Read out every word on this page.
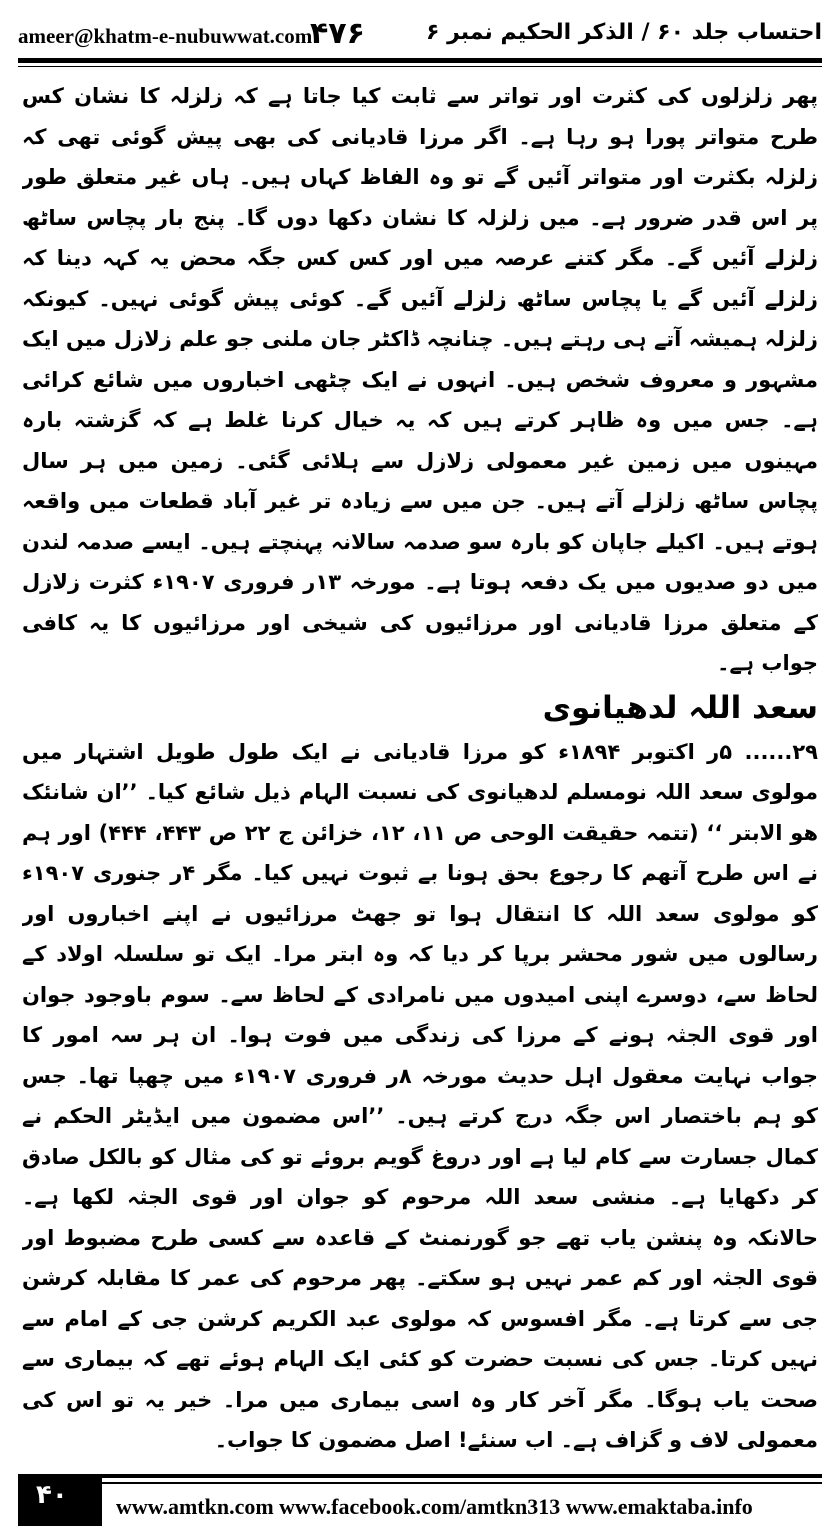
ameer@khatm-e-nubuwwat.com
۴۷۶	احتساب جلد ۶۰ / الذکر الحکیم نمبر ۶

پھر زلزلوں کی کثرت اور تواتر سے ثابت کیا جاتا ہے کہ زلزلہ کا نشان کس طرح متواتر پورا ہو رہا ہے۔ اگر مرزا قادیانی کی بھی پیش گوئی تھی کہ زلزلہ بکثرت اور متواتر آئیں گے تو وہ الفاظ کہاں ہیں۔ ہاں غیر متعلق طور پر اس قدر ضرور ہے۔ میں زلزلہ کا نشان دکھا دوں گا۔ پنج بار پچاس ساٹھ زلزلے آئیں گے۔ مگر کتنے عرصہ میں اور کس کس جگہ محض یہ کہہ دینا کہ زلزلے آئیں گے یا پچاس ساٹھ زلزلے آئیں گے۔ کوئی پیش گوئی نہیں۔ کیونکہ زلزلہ ہمیشہ آتے ہی رہتے ہیں۔ چنانچہ ڈاکٹر جان ملنی جو علم زلازل میں ایک مشہور و معروف شخص ہیں۔ انہوں نے ایک چٹھی اخباروں میں شائع کرائی ہے۔ جس میں وہ ظاہر کرتے ہیں کہ یہ خیال کرنا غلط ہے کہ گزشتہ بارہ مہینوں میں زمین غیر معمولی زلازل سے ہلائی گئی۔ زمین میں ہر سال پچاس ساٹھ زلزلے آتے ہیں۔ جن میں سے زیادہ تر غیر آباد قطعات میں واقعہ ہوتے ہیں۔ اکیلے جاپان کو بارہ سو صدمہ سالانہ پہنچتے ہیں۔ ایسے صدمہ لندن میں دو صدیوں میں یک دفعہ ہوتا ہے۔ مورخہ ۱۳ر فروری ۱۹۰۷ء کثرت زلازل کے متعلق مرزا قادیانی اور مرزائیوں کی شیخی اور مرزائیوں کا یہ کافی جواب ہے۔

سعد اللہ لدھیانوی

۲۹...... ۵ر اکتوبر ۱۸۹۴ء کو مرزا قادیانی نے ایک طول طویل اشتہار میں مولوی سعد اللہ نومسلم لدھیانوی کی نسبت الہام ذیل شائع کیا۔ ’’ان شانئک ھو الابتر ‘‘ (تتمہ حقیقت الوحی ص ۱۱، ۱۲، خزائن ج ۲۲ ص ۴۴۳، ۴۴۴) اور ہم نے اس طرح آتھم کا رجوع بحق ہونا بے ثبوت نہیں کیا۔ مگر ۴ر جنوری ۱۹۰۷ء کو مولوی سعد اللہ کا انتقال ہوا تو جھٹ مرزائیوں نے اپنے اخباروں اور رسالوں میں شور محشر برپا کر دیا کہ وہ ابتر مرا۔ ایک تو سلسلہ اولاد کے لحاظ سے، دوسرے اپنی امیدوں میں نامرادی کے لحاظ سے۔ سوم باوجود جوان اور قوی الجثہ ہونے کے مرزا کی زندگی میں فوت ہوا۔ ان ہر سہ امور کا جواب نہایت معقول اہل حدیث مورخہ ۸ر فروری ۱۹۰۷ء میں چھپا تھا۔ جس کو ہم باختصار اس جگہ درج کرتے ہیں۔ ’’اس مضمون میں ایڈیٹر الحکم نے کمال جسارت سے کام لیا ہے اور دروغ گویم بروئے تو کی مثال کو بالکل صادق کر دکھایا ہے۔ منشی سعد اللہ مرحوم کو جوان اور قوی الجثہ لکھا ہے۔ حالانکہ وہ پنشن یاب تھے جو گورنمنٹ کے قاعدہ سے کسی طرح مضبوط اور قوی الجثہ اور کم عمر نہیں ہو سکتے۔ پھر مرحوم کی عمر کا مقابلہ کرشن جی سے کرتا ہے۔ مگر افسوس کہ مولوی عبد الکریم کرشن جی کے امام سے نہیں کرتا۔ جس کی نسبت حضرت کو کئی ایک الہام ہوئے تھے کہ بیماری سے صحت یاب ہوگا۔ مگر آخر کار وہ اسی بیماری میں مرا۔ خیر یہ تو اس کی معمولی لاف و گزاف ہے۔ اب سنئے! اصل مضمون کا جواب۔

۴۰ www.amtkn.com www.facebook.com/amtkn313 www.emaktaba.info
